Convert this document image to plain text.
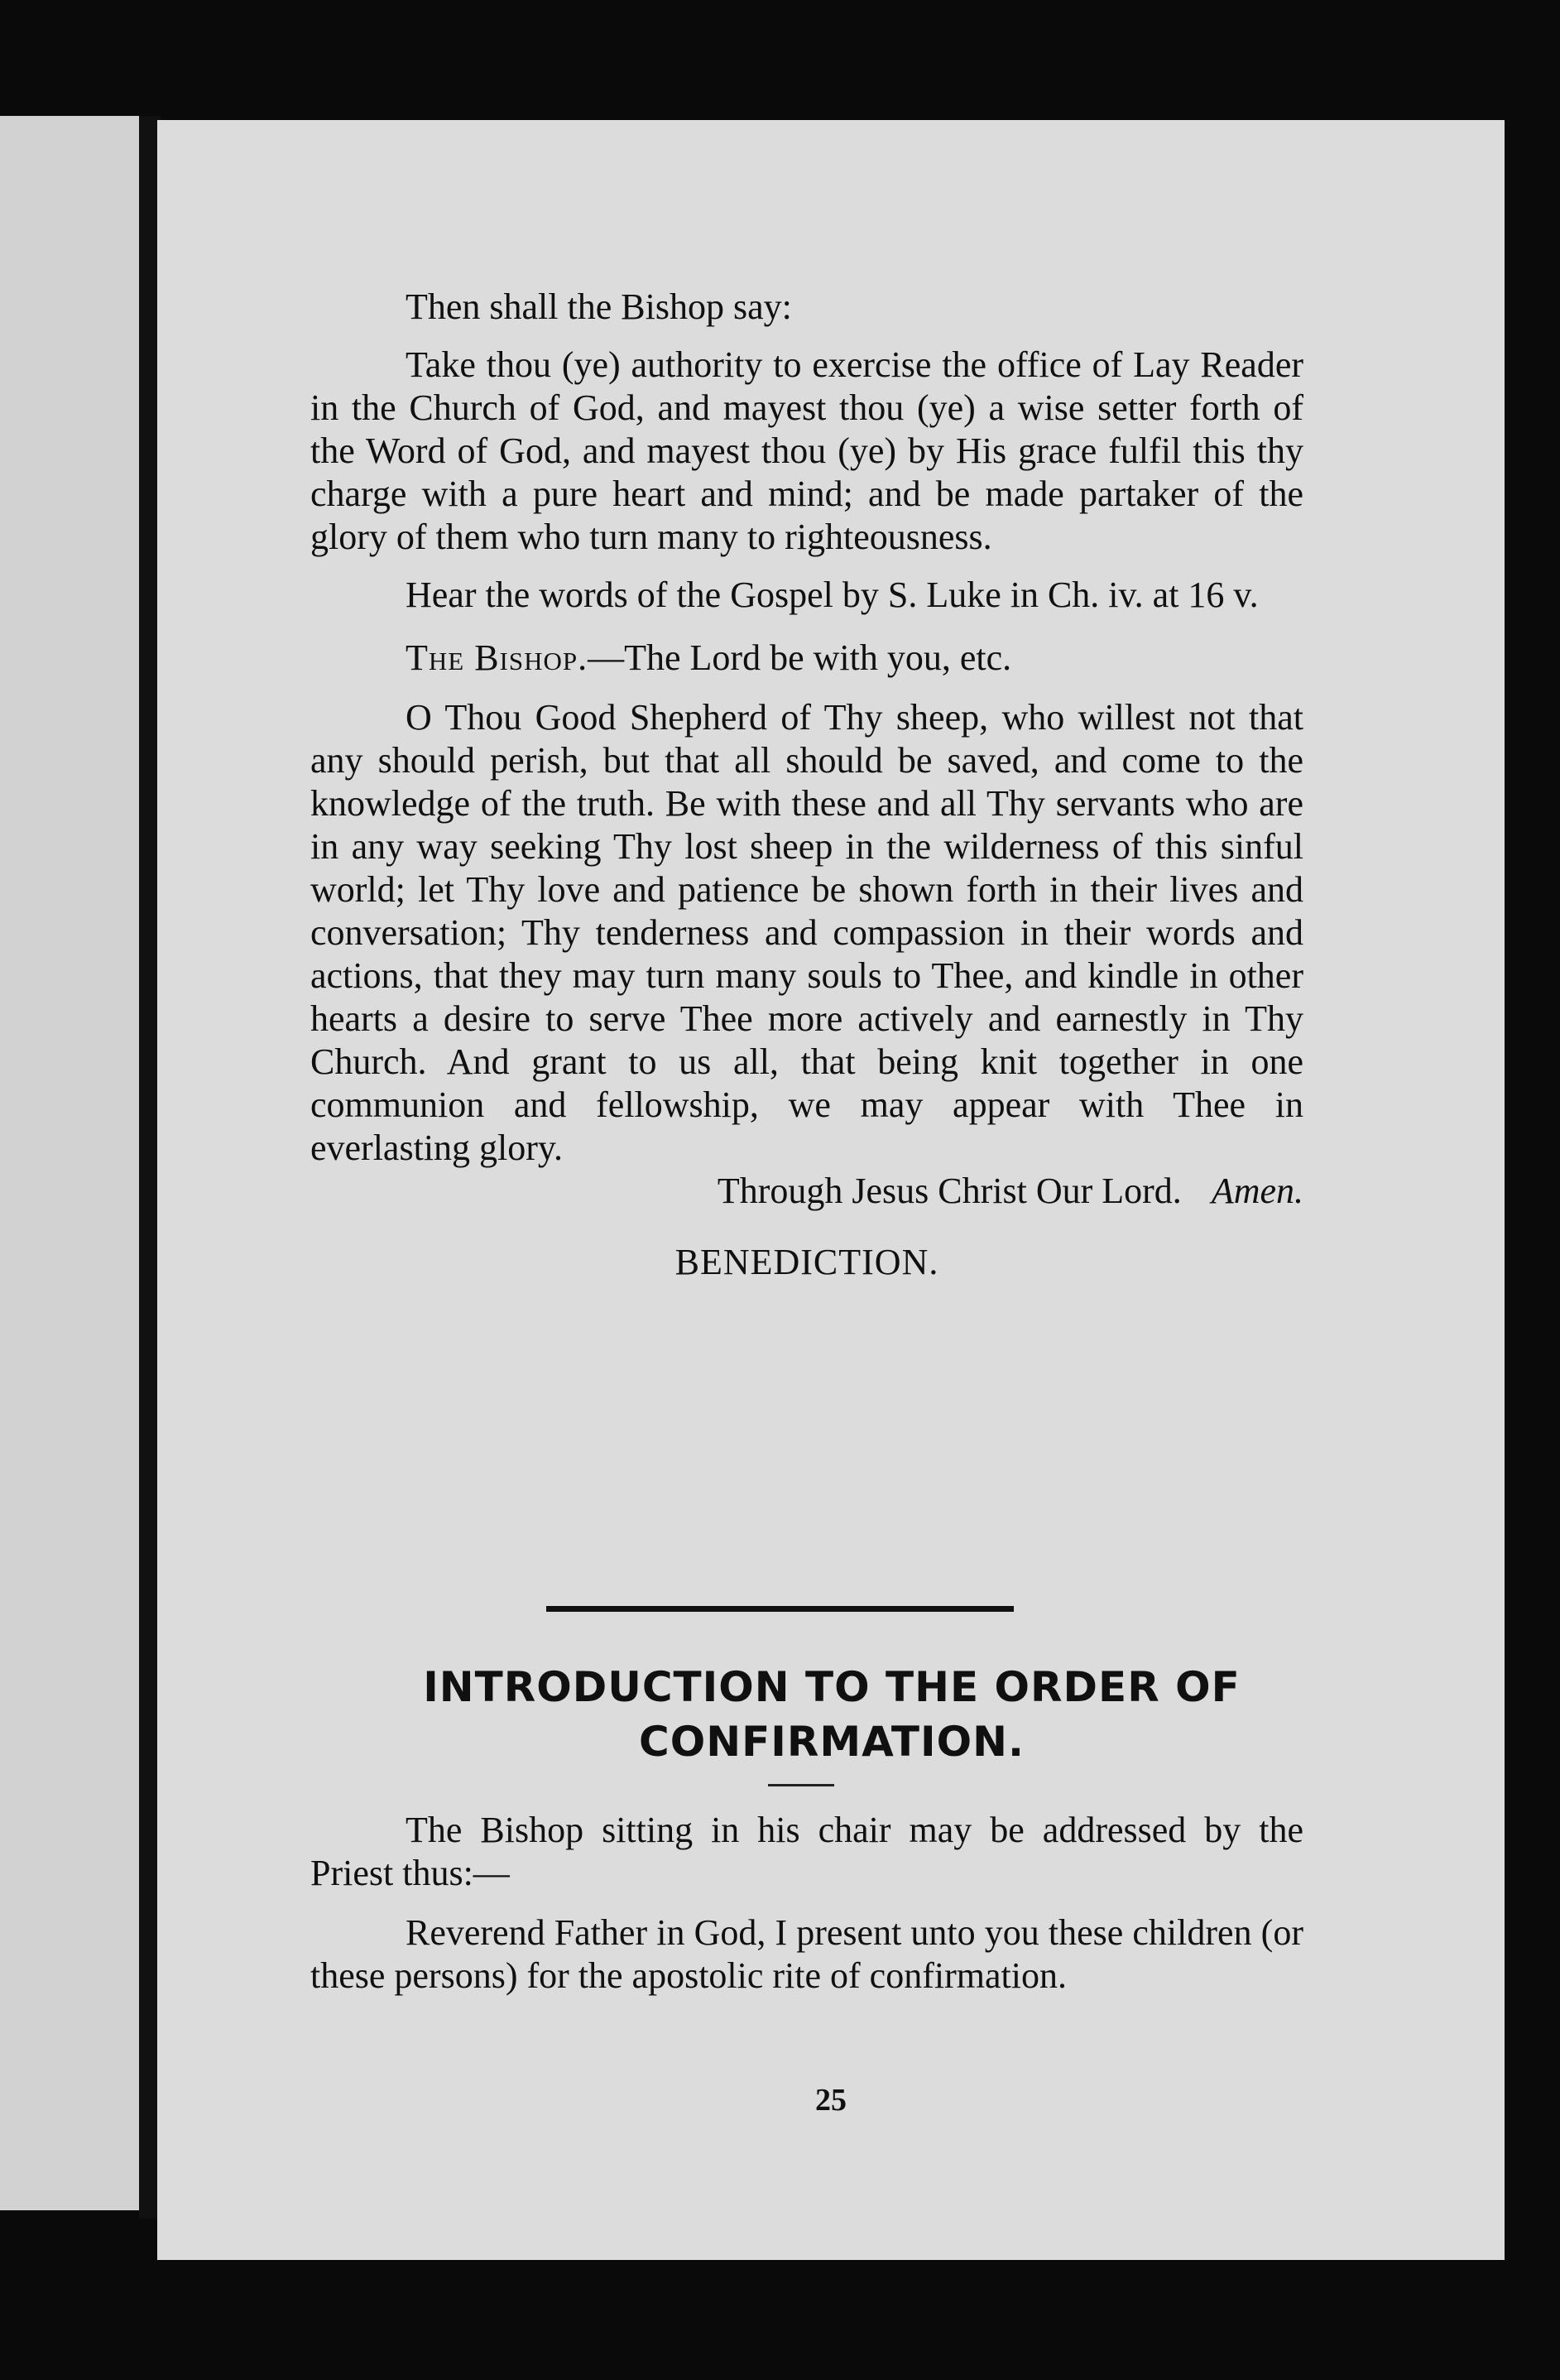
Then shall the Bishop say:

Take thou (ye) authority to exercise the office of Lay Reader in the Church of God, and mayest thou (ye) a wise setter forth of the Word of God, and mayest thou (ye) by His grace fulfil this thy charge with a pure heart and mind; and be made partaker of the glory of them who turn many to righteousness.

Hear the words of the Gospel by S. Luke in Ch. iv. at 16 v.

The Bishop.—The Lord be with you, etc.

O Thou Good Shepherd of Thy sheep, who willest not that any should perish, but that all should be saved, and come to the knowledge of the truth. Be with these and all Thy servants who are in any way seeking Thy lost sheep in the wilderness of this sinful world; let Thy love and patience be shown forth in their lives and conversation; Thy tenderness and compassion in their words and actions, that they may turn many souls to Thee, and kindle in other hearts a desire to serve Thee more actively and earnestly in Thy Church. And grant to us all, that being knit together in one communion and fellowship, we may appear with Thee in everlasting glory.

Through Jesus Christ Our Lord. Amen.

BENEDICTION.

INTRODUCTION TO THE ORDER OF CONFIRMATION.

The Bishop sitting in his chair may be addressed by the Priest thus:—

Reverend Father in God, I present unto you these children (or these persons) for the apostolic rite of confirmation.

25
